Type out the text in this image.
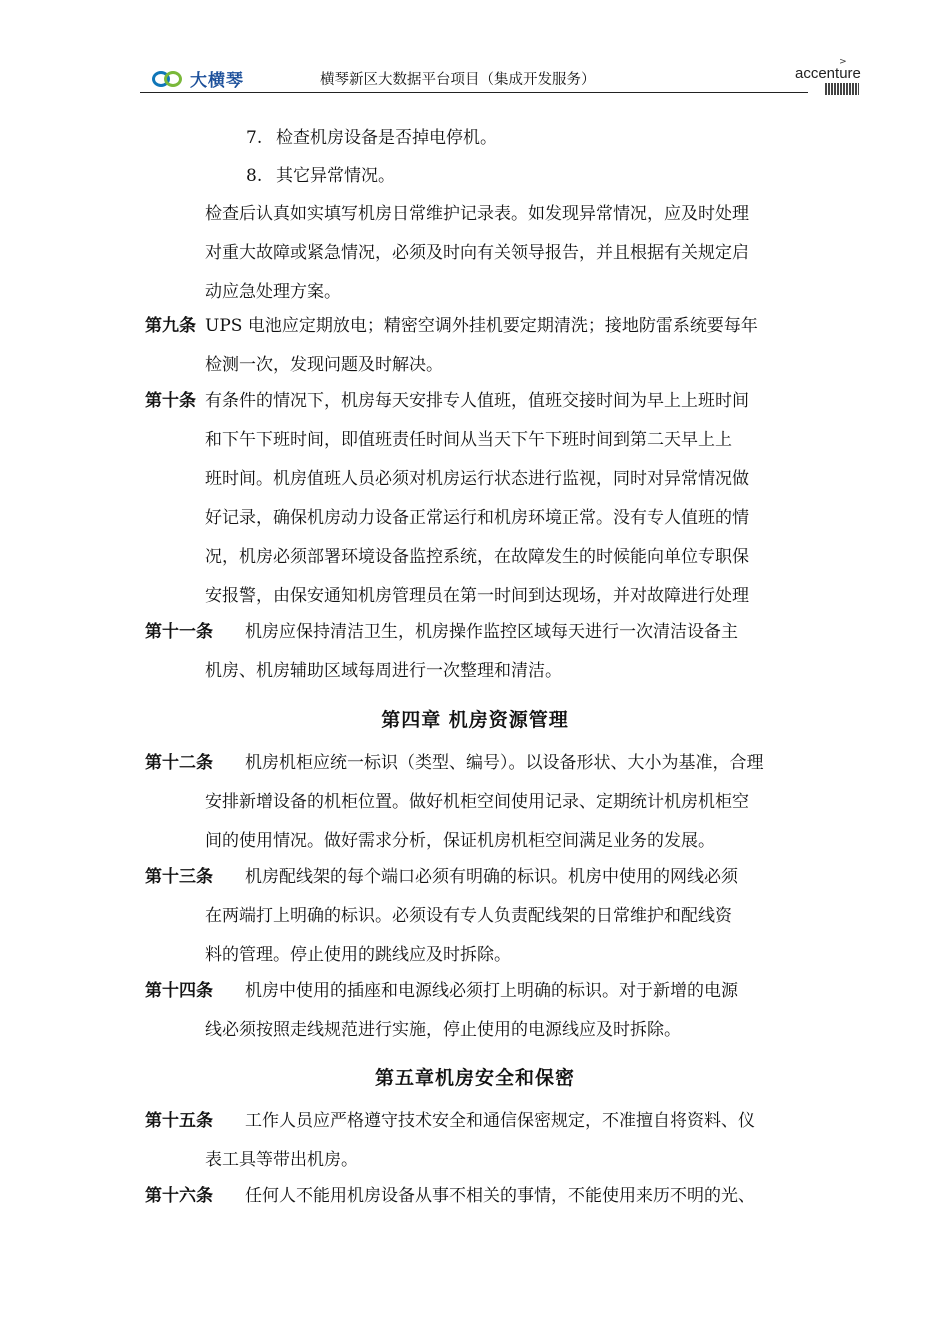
大横琴	横琴新区大数据平台项目（集成开发服务）
>
accenture
7. 检查机房设备是否掉电停机。
8. 其它异常情况。
检查后认真如实填写机房日常维护记录表。如发现异常情况，应及时处理
对重大故障或紧急情况，必须及时向有关领导报告，并且根据有关规定启
动应急处理方案。
第九条 UPS 电池应定期放电；精密空调外挂机要定期清洗；接地防雷系统要每年
检测一次，发现问题及时解决。
第十条 有条件的情况下，机房每天安排专人值班，值班交接时间为早上上班时间
和下午下班时间，即值班责任时间从当天下午下班时间到第二天早上上
班时间。机房值班人员必须对机房运行状态进行监视，同时对异常情况做
好记录，确保机房动力设备正常运行和机房环境正常。没有专人值班的情
况，机房必须部署环境设备监控系统，在故障发生的时候能向单位专职保
安报警，由保安通知机房管理员在第一时间到达现场，并对故障进行处理
第十一条 机房应保持清洁卫生，机房操作监控区域每天进行一次清洁设备主
机房、机房辅助区域每周进行一次整理和清洁。
第四章 机房资源管理
第十二条 机房机柜应统一标识（类型、编号）。以设备形状、大小为基准，合理
安排新增设备的机柜位置。做好机柜空间使用记录、定期统计机房机柜空
间的使用情况。做好需求分析，保证机房机柜空间满足业务的发展。
第十三条 机房配线架的每个端口必须有明确的标识。机房中使用的网线必须
在两端打上明确的标识。必须设有专人负责配线架的日常维护和配线资
料的管理。停止使用的跳线应及时拆除。
第十四条 机房中使用的插座和电源线必须打上明确的标识。对于新增的电源
线必须按照走线规范进行实施，停止使用的电源线应及时拆除。
第五章机房安全和保密
第十五条 工作人员应严格遵守技术安全和通信保密规定，不准擅自将资料、仪
表工具等带出机房。
第十六条 任何人不能用机房设备从事不相关的事情，不能使用来历不明的光、
